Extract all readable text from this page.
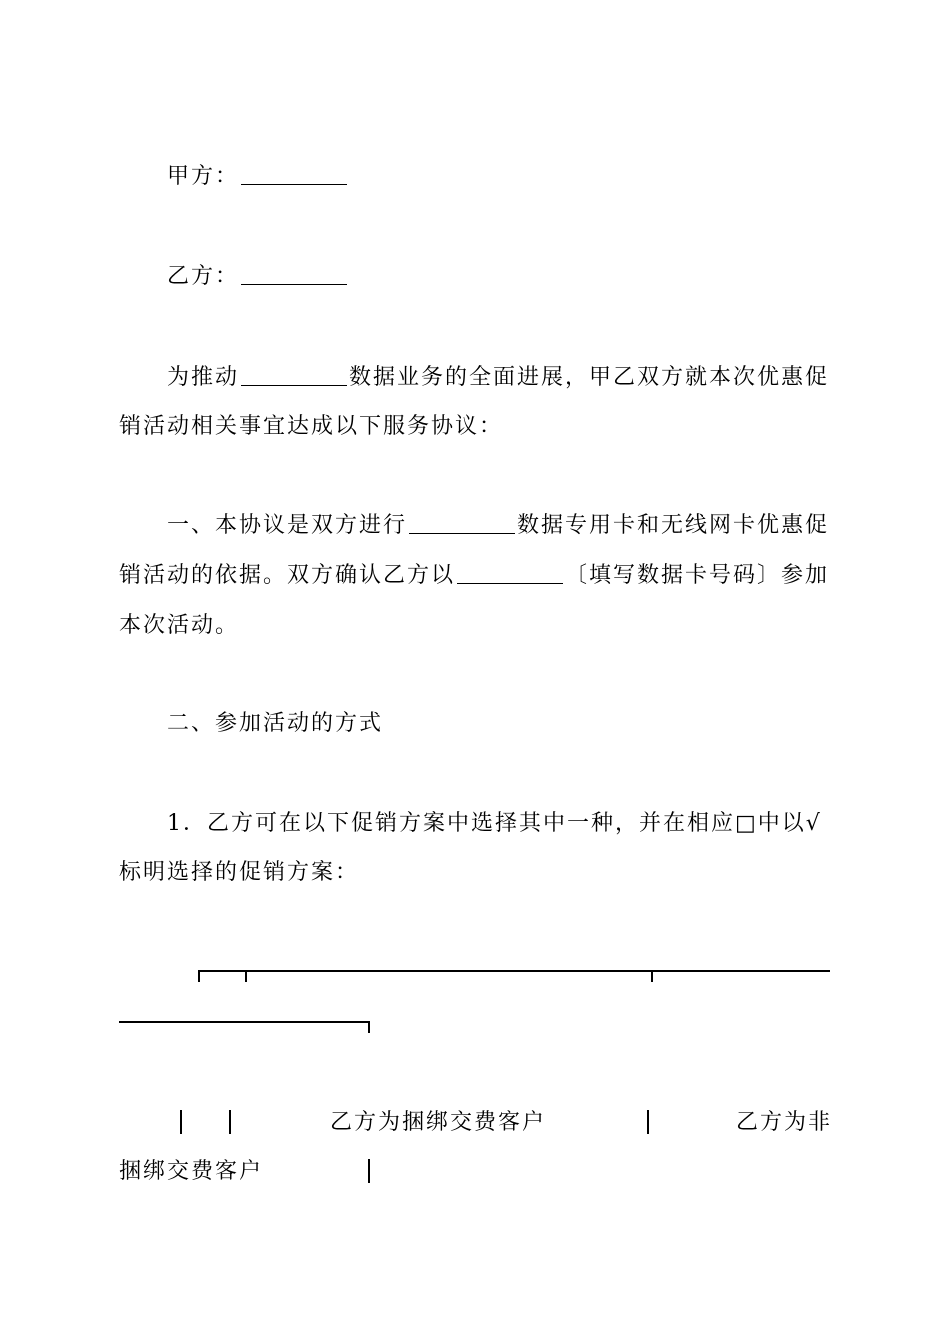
甲方：
乙方：
为推动	数据业务的全面进展，甲乙双方就本次优惠促
销活动相关事宜达成以下服务协议：
一、本协议是双方进行	数据专用卡和无线网卡优惠促
销活动的依据。双方确认乙方以	〔填写数据卡号码〕参加
本次活动。
二、参加活动的方式
1．乙方可在以下促销方案中选择其中一种，并在相应□中以√
标明选择的促销方案：
乙方为捆绑交费客户	乙方为非
捆绑交费客户
